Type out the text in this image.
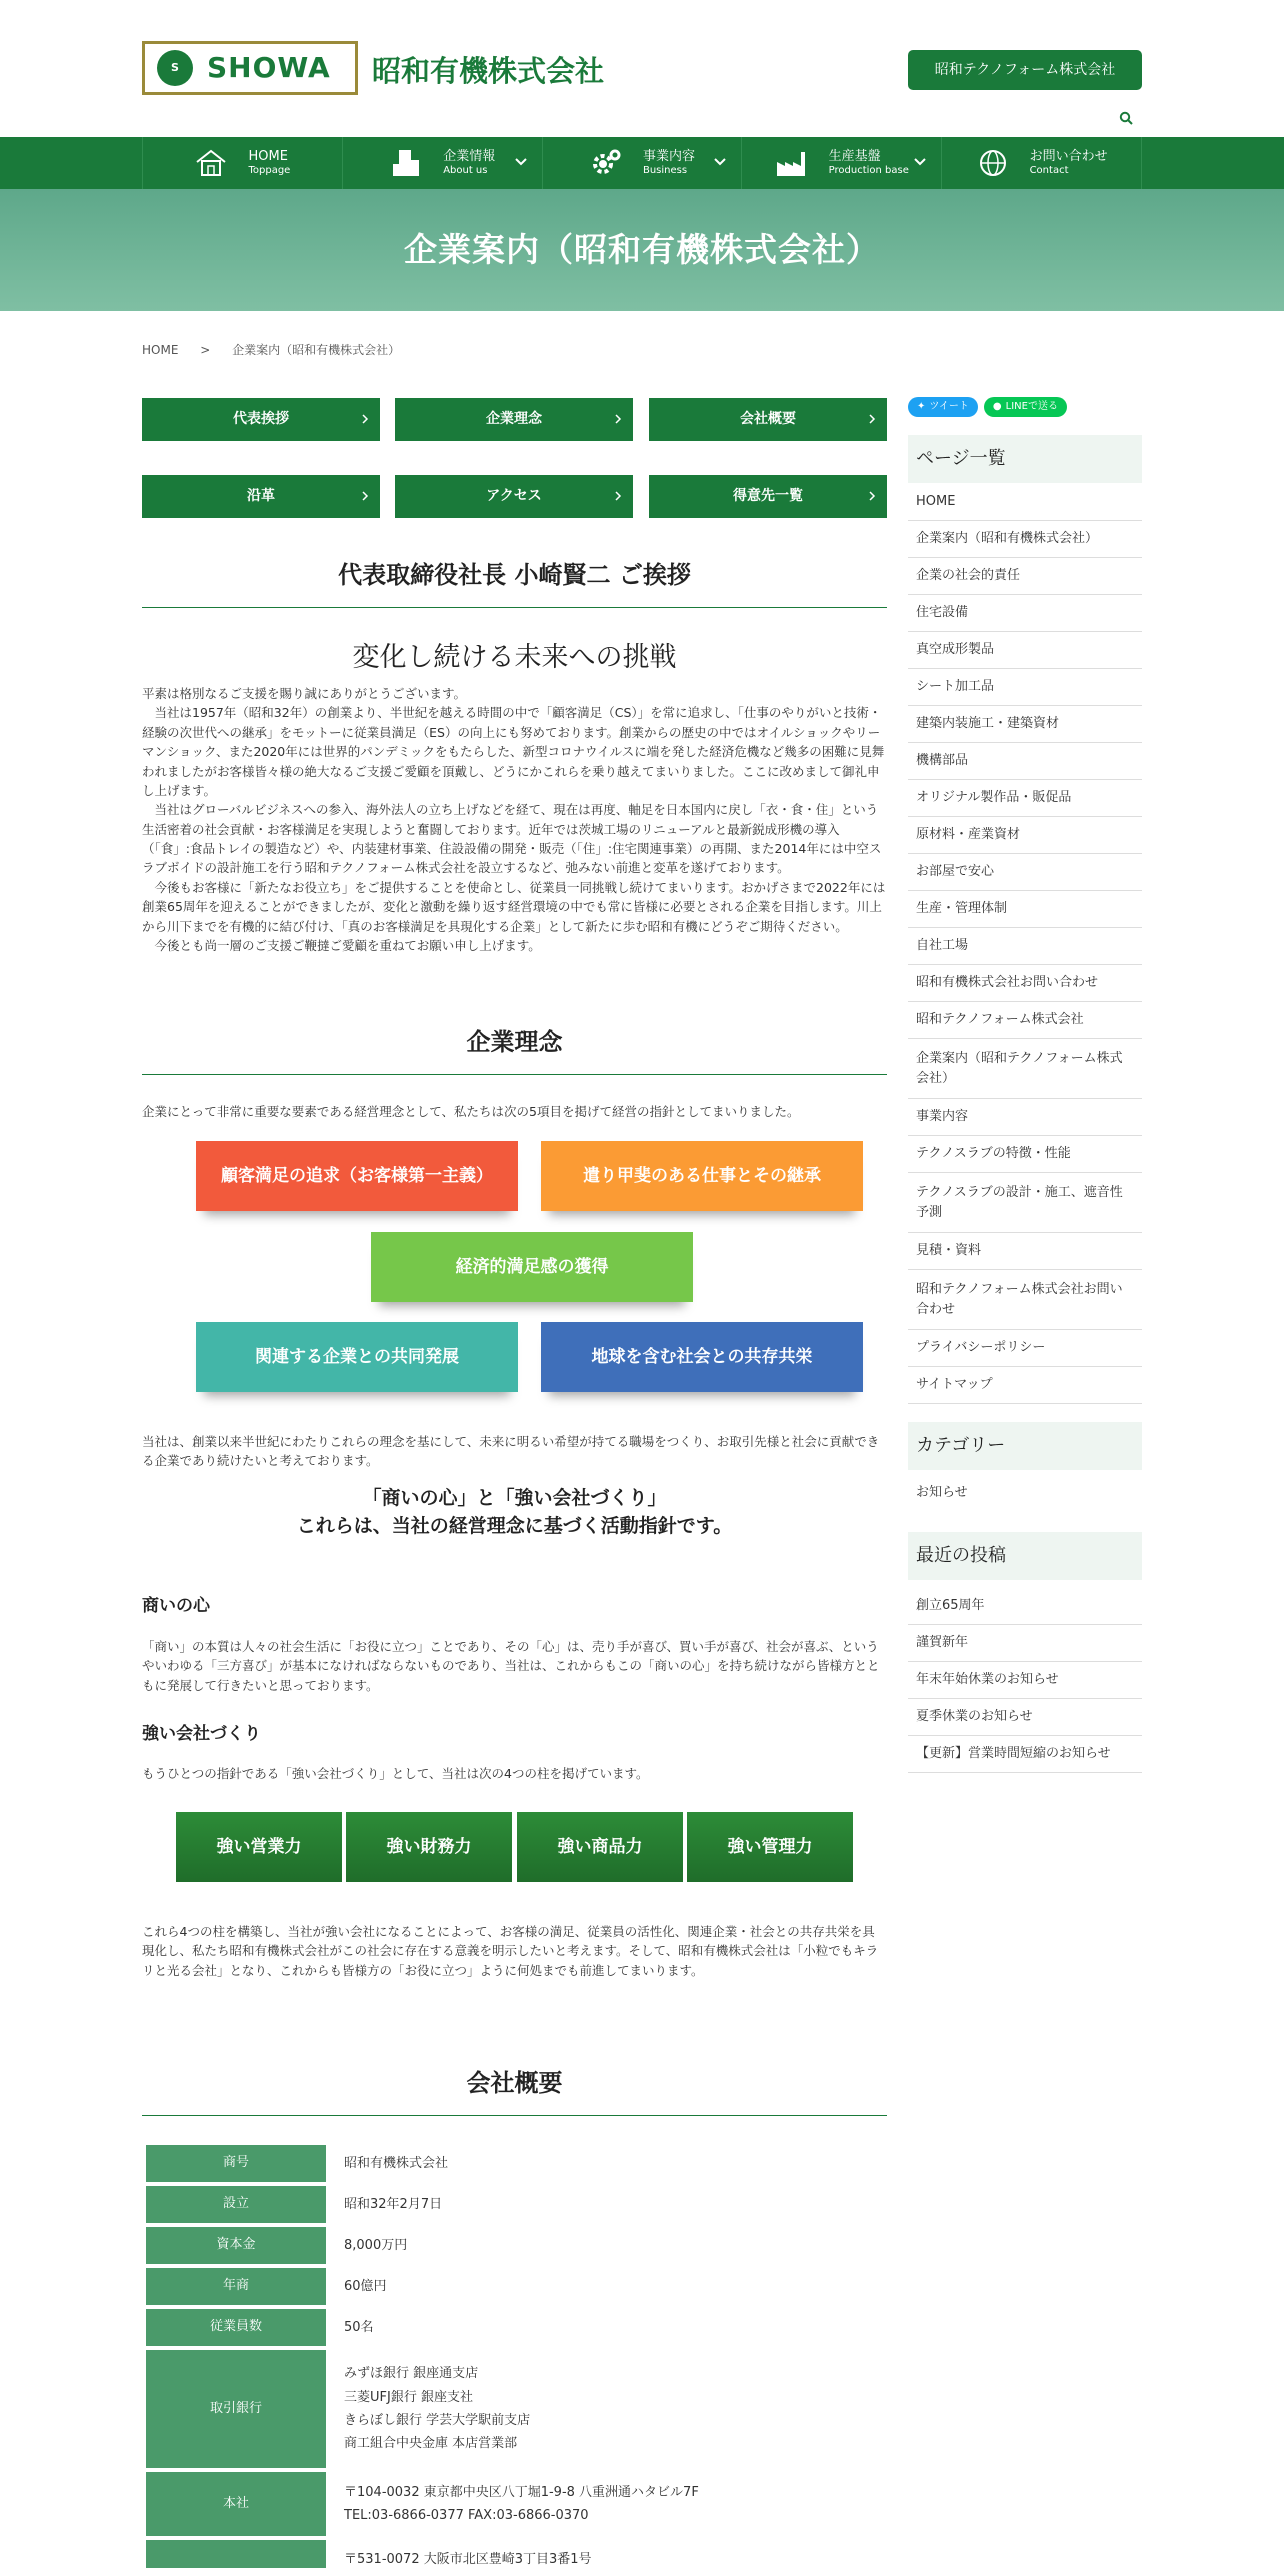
S	SHOWA 昭和有機株式会社	昭和テクノフォーム株式会社
HOME
Toppage
企業情報
About us
事業内容
Business
生産基盤
Production base
お問い合わせ
Contact
企業案内（昭和有機株式会社）
HOME > 企業案内（昭和有機株式会社）
代表挨拶	企業理念	会社概要
沿革	アクセス	得意先一覧
代表取締役社長 小崎賢二 ご挨拶
変化し続ける未来への挑戦
平素は格別なるご支援を賜り誠にありがとうございます。
　当社は1957年（昭和32年）の創業より、半世紀を越える時間の中で「顧客満足（CS）」を常に追求し、「仕事のやりがいと技術・経験の次世代への継承」をモットーに従業員満足（ES）の向上にも努めております。創業からの歴史の中ではオイルショックやリーマンショック、また2020年には世界的パンデミックをもたらした、新型コロナウイルスに端を発した経済危機など幾多の困難に見舞われましたがお客様皆々様の絶大なるご支援ご愛顧を頂戴し、どうにかこれらを乗り越えてまいりました。ここに改めまして御礼申し上げます。
　当社はグローバルビジネスへの参入、海外法人の立ち上げなどを経て、現在は再度、軸足を日本国内に戻し「衣・食・住」という生活密着の社会貢献・お客様満足を実現しようと奮闘しております。近年では茨城工場のリニューアルと最新鋭成形機の導入（「食」:食品トレイの製造など）や、内装建材事業、住設設備の開発・販売（「住」:住宅関連事業）の再開、また2014年には中空スラブボイドの設計施工を行う昭和テクノフォーム株式会社を設立するなど、弛みない前進と変革を遂げております。
　今後もお客様に「新たなお役立ち」をご提供することを使命とし、従業員一同挑戦し続けてまいります。おかげさまで2022年には創業65周年を迎えることができましたが、変化と激動を繰り返す経営環境の中でも常に皆様に必要とされる企業を目指します。川上から川下までを有機的に結び付け、「真のお客様満足を具現化する企業」として新たに歩む昭和有機にどうぞご期待ください。
　今後とも尚一層のご支援ご鞭撻ご愛顧を重ねてお願い申し上げます。
企業理念
企業にとって非常に重要な要素である経営理念として、私たちは次の5項目を掲げて経営の指針としてまいりました。
顧客満足の追求（お客様第一主義）	遣り甲斐のある仕事とその継承
経済的満足感の獲得
関連する企業との共同発展	地球を含む社会との共存共栄
当社は、創業以来半世紀にわたりこれらの理念を基にして、未来に明るい希望が持てる職場をつくり、お取引先様と社会に貢献できる企業であり続けたいと考えております。
「商いの心」と「強い会社づくり」
これらは、当社の経営理念に基づく活動指針です。
商いの心
「商い」の本質は人々の社会生活に「お役に立つ」ことであり、その「心」は、売り手が喜び、買い手が喜び、社会が喜ぶ、というやいわゆる「三方喜び」が基本になければならないものであり、当社は、これからもこの「商いの心」を持ち続けながら皆様方とともに発展して行きたいと思っております。
強い会社づくり
もうひとつの指針である「強い会社づくり」として、当社は次の4つの柱を掲げています。
強い営業力	強い財務力	強い商品力	強い管理力
これら4つの柱を構築し、当社が強い会社になることによって、お客様の満足、従業員の活性化、関連企業・社会との共存共栄を具現化し、私たち昭和有機株式会社がこの社会に存在する意義を明示したいと考えます。そして、昭和有機株式会社は「小粒でもキラリと光る会社」となり、これからも皆様方の「お役に立つ」ように何処までも前進してまいります。
会社概要
商号	昭和有機株式会社
設立	昭和32年2月7日
資本金	8,000万円
年商	60億円
従業員数	50名
取引銀行	みずほ銀行 銀座通支店
三菱UFJ銀行 銀座支社
きらぼし銀行 学芸大学駅前支店
商工組合中央金庫 本店営業部

本社	〒104-0032 東京都中央区八丁堀1-9-8 八重洲通ハタビル7F
TEL:03-6866-0377 FAX:03-6866-0370

	〒531-0072 大阪市北区豊崎3丁目3番1号
✦ ツイート ● LINEで送る
ページ一覧
HOME
企業案内（昭和有機株式会社）
企業の社会的責任
住宅設備
真空成形製品
シート加工品
建築内装施工・建築資材
機構部品
オリジナル製作品・販促品
原材料・産業資材
お部屋で安心
生産・管理体制
自社工場
昭和有機株式会社お問い合わせ
昭和テクノフォーム株式会社
企業案内（昭和テクノフォーム株式会社）
事業内容
テクノスラブの特徴・性能
テクノスラブの設計・施工、遮音性予測
見積・資料
昭和テクノフォーム株式会社お問い合わせ
プライバシーポリシー
サイトマップ
カテゴリー
お知らせ
最近の投稿
創立65周年
謹賀新年
年末年始休業のお知らせ
夏季休業のお知らせ
【更新】営業時間短縮のお知らせ
